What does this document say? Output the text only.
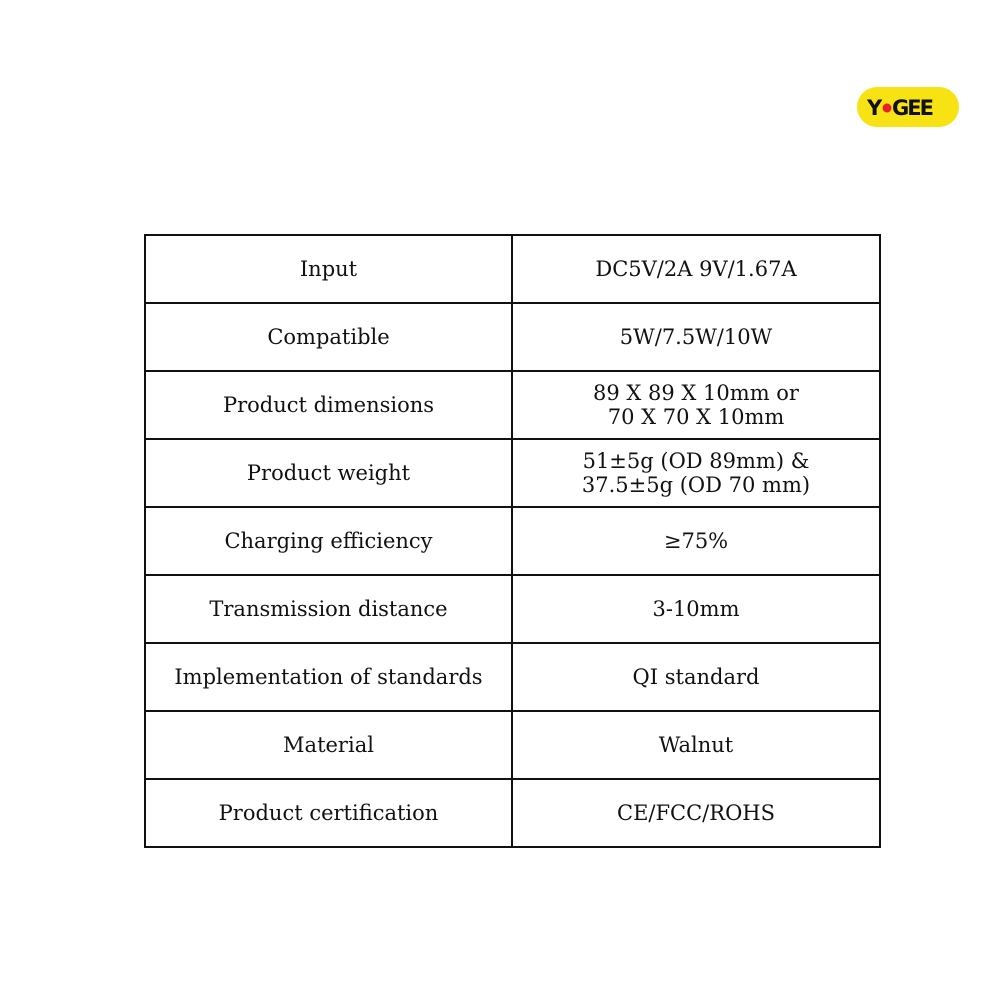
Y GEE
Input	DC5V/2A 9V/1.67A

Compatible	5W/7.5W/10W

Product dimensions	89 X 89 X 10mm or
70 X 70 X 10mm

Product weight	51±5g (OD 89mm) &
37.5±5g (OD 70 mm)

Charging efficiency	≥75%

Transmission distance	3-10mm

Implementation of standards	QI standard

Material	Walnut

Product certification	CE/FCC/ROHS
